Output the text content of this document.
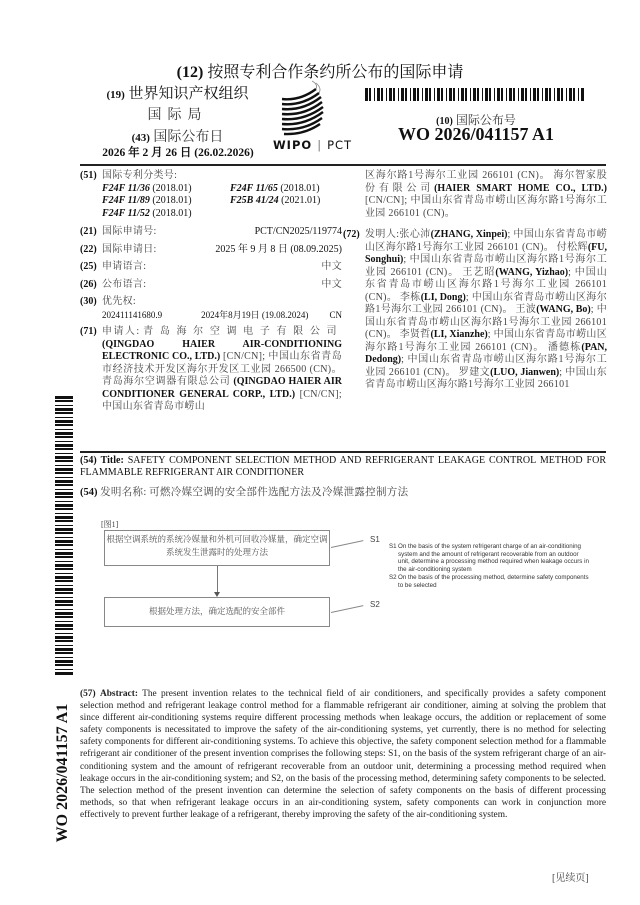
(12) 按照专利合作条约所公布的国际申请
(19) 世界知识产权组织
国际局
(43) 国际公布日
2026 年 2 月 26 日 (26.02.2026)
WIPO | PCT
(10) 国际公布号
WO 2026/041157 A1
(51) 国际专利分类号:
F24F 11/36 (2018.01)	F24F 11/65 (2018.01)
F24F 11/89 (2018.01)	F25B 41/24 (2021.01)
F24F 11/52 (2018.01)
(21) 国际申请号:	PCT/CN2025/119774
(22) 国际申请日:	2025 年 9 月 8 日 (08.09.2025)
(25) 申请语言:	中文
(26) 公布语言:	中文
(30) 优先权:
202411141680.9	2024年8月19日 (19.08.2024)	CN
(71) 申请人: 青岛海尔空调电子有限公司 (QINGDAO HAIER AIR-CONDITIONING ELECTRONIC CO., LTD.) [CN/CN]; 中国山东省青岛市经济技术开发区海尔开发区工业园 266500 (CN)。 青岛海尔空调器有限总公司 (QINGDAO HAIER AIR CONDITIONER GENERAL CORP., LTD.) [CN/CN]; 中国山东省青岛市崂山
区海尔路1号海尔工业园 266101 (CN)。 海尔智家股份有限公司(HAIER SMART HOME CO., LTD.) [CN/CN]; 中国山东省青岛市崂山区海尔路1号海尔工业园 266101 (CN)。
(72) 发明人:张心沛(ZHANG, Xinpei); 中国山东省青岛市崂山区海尔路1号海尔工业园 266101 (CN)。 付松辉(FU, Songhui); 中国山东省青岛市崂山区海尔路1号海尔工业园 266101 (CN)。 王艺昭(WANG, Yizhao); 中国山东省青岛市崂山区海尔路1号海尔工业园 266101 (CN)。 李栋(LI, Dong); 中国山东省青岛市崂山区海尔路1号海尔工业园 266101 (CN)。 王波(WANG, Bo); 中国山东省青岛市崂山区海尔路1号海尔工业园 266101 (CN)。 李贤哲(LI, Xianzhe); 中国山东省青岛市崂山区海尔路1号海尔工业园 266101 (CN)。 潘德栋(PAN, Dedong); 中国山东省青岛市崂山区海尔路1号海尔工业园 266101 (CN)。 罗建文(LUO, Jianwen); 中国山东省青岛市崂山区海尔路1号海尔工业园 266101
(54) Title: SAFETY COMPONENT SELECTION METHOD AND REFRIGERANT LEAKAGE CONTROL METHOD FOR FLAMMABLE REFRIGERANT AIR CONDITIONER
(54) 发明名称: 可燃冷媒空调的安全部件选配方法及冷媒泄露控制方法
[图1]
根据空调系统的系统冷媒量和外机可回收冷媒量，确定空调系统发生泄露时的处理方法
根据处理方法，确定选配的安全部件
S1
S2
S1 On the basis of the system refrigerant charge of an air-conditioning system and the amount of refrigerant recoverable from an outdoor unit, determine a processing method required when leakage occurs in the air-conditioning system
S2 On the basis of the processing method, determine safety components to be selected
(57) Abstract: The present invention relates to the technical field of air conditioners, and specifically provides a safety component selection method and refrigerant leakage control method for a flammable refrigerant air conditioner, aiming at solving the problem that since different air-conditioning systems require different processing methods when leakage occurs, the addition or replacement of some safety components is necessitated to improve the safety of the air-conditioning systems, yet currently, there is no method for selecting safety components for different air-conditioning systems. To achieve this objective, the safety component selection method for a flammable refrigerant air conditioner of the present invention comprises the following steps: S1, on the basis of the system refrigerant charge of an air-conditioning system and the amount of refrigerant recoverable from an outdoor unit, determining a processing method required when leakage occurs in the air-conditioning system; and S2, on the basis of the processing method, determining safety components to be selected. The selection method of the present invention can determine the selection of safety components on the basis of different processing methods, so that when refrigerant leakage occurs in an air-conditioning system, safety components can work in conjunction more effectively to prevent further leakage of a refrigerant, thereby improving the safety of the air-conditioning system.
WO 2026/041157 A1
[见续页]
